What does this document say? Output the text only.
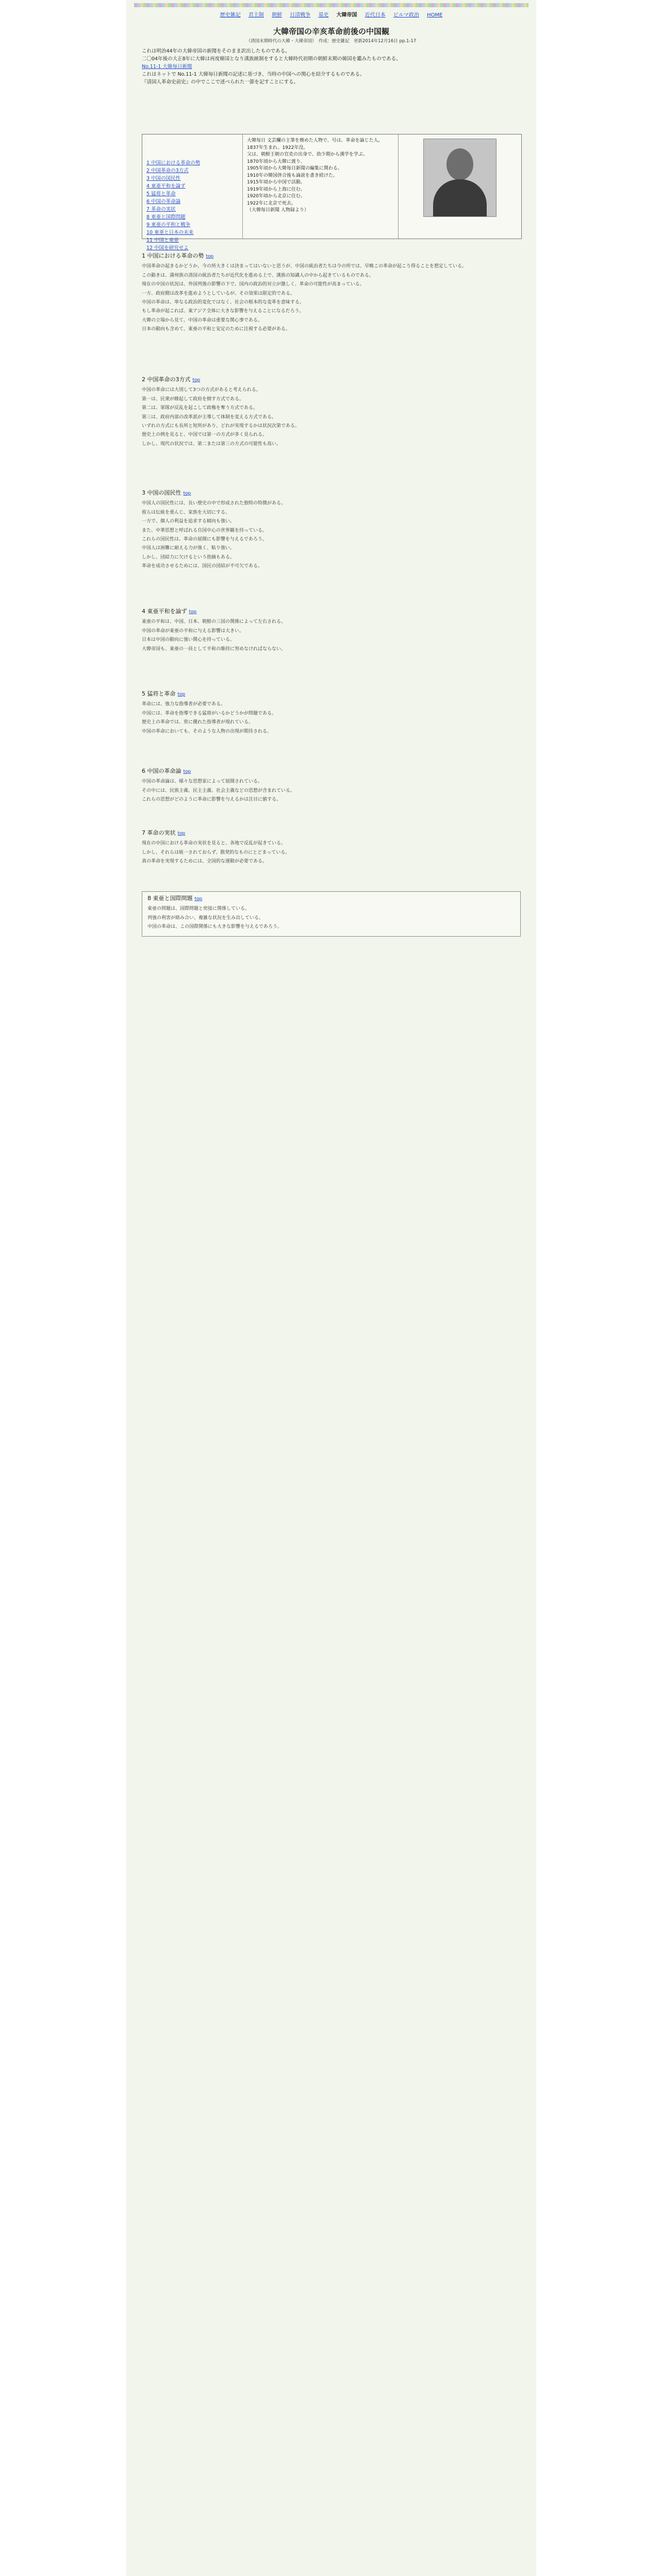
歴史雑記 君主制 朝鮮 日清戦争 基史 大韓帝国 近代日本 ビルマ政治 HOME
大韓帝国の辛亥革命前後の中国観
（清国末期時代の大韓・大韓帝国）　作成：歴史雑記　更新2014年12月16日 pp.1-17

これは明治44年の大韓帝国の新聞をそのまま訳出したものである。

二〇04年後の大正8年に大韓は再度韓国となり漢族統制をすると大韓時代初期の朝鮮末期の韓国を鑑みたものである。

No.11-1 大韓毎日新聞

これはネットで No.11-1 大韓毎日新聞の記述に基づき、当時の中国への関心を紹介するものである。

『清国人革命史前史』の中でここで述べられた一節を記すことにする。

1 中国における革命の勢
2 中国革命の3方式
3 中国の国民性
4 東亜平和を論ず
5 猛将と革命
6 中国の革命論
7 革命の実状
8 東亜と国際問題
9 東亜の平和と戦争
10 東亜と日本の未来
11 中国と東亜
12 中国を研究せよ

大韓毎日 文芸欄の主筆を務めた人物で、号は、革命を論じた人。
1837年生まれ。1922年没。
父は、朝鮮王朝の官吏の出身で、幼少期から漢学を学ぶ。
1870年頃から大韓に渡り、
1905年頃から大韓毎日新聞の編集に関わる。
1910年の韓国併合後も論説を書き続けた。
1915年頃から中国で活動。
1919年頃から上海に住む。
1920年頃から北京に住む。
1922年に北京で死去。
（大韓毎日新聞 人物録より）

1 中国における革命の勢 top

中国革命の起きるかどうか、今の所大きくは決まってはいないと思うが、中国の統治者たちは今の所では、早晩この革命が起こり得ることを想定している。

この動きは、満州族の清国の統治者たちが近代化を進める上で、漢族の知識人の中から起きているものである。

現在の中国の状況は、外国列強の影響の下で、国内の政治的対立が激しく、革命の可能性が高まっている。

一方、政府側は改革を進めようとしているが、その効果は限定的である。

中国の革命は、単なる政治的変化ではなく、社会の根本的な変革を意味する。

もし革命が起これば、東アジア全体に大きな影響を与えることになるだろう。

大韓の立場から見て、中国の革命は重要な関心事である。

日本の動向も含めて、東亜の平和と安定のために注視する必要がある。

2 中国革命の3方式 top

中国の革命には大別して3つの方式があると考えられる。

第一は、民衆が蜂起して政府を倒す方式である。

第二は、軍隊が反乱を起こして政権を奪う方式である。

第三は、政府内部の改革派が主導して体制を変える方式である。

いずれの方式にも長所と短所があり、どれが実現するかは状況次第である。

歴史上の例を見ると、中国では第一の方式が多く見られる。

しかし、現代の状況では、第二または第三の方式の可能性も高い。

3 中国の国民性 top

中国人の国民性には、長い歴史の中で形成された独特の特徴がある。

彼らは伝統を重んじ、家族を大切にする。

一方で、個人の利益を追求する傾向も強い。

また、中華思想と呼ばれる自国中心の世界観を持っている。

これらの国民性は、革命の展開にも影響を与えるであろう。

中国人は困難に耐える力が強く、粘り強い。

しかし、団結力に欠けるという指摘もある。

革命を成功させるためには、国民の団結が不可欠である。

4 東亜平和を論ず top

東亜の平和は、中国、日本、朝鮮の三国の関係によって左右される。

中国の革命が東亜の平和に与える影響は大きい。

日本は中国の動向に強い関心を持っている。

大韓帝国も、東亜の一員として平和の維持に努めなければならない。

5 猛将と革命 top

革命には、強力な指導者が必要である。

中国には、革命を指導できる猛将がいるかどうかが問題である。

歴史上の革命では、常に優れた指導者が現れている。

中国の革命においても、そのような人物の出現が期待される。

6 中国の革命論 top

中国の革命論は、様々な思想家によって展開されている。

その中には、民族主義、民主主義、社会主義などの思想が含まれている。

これらの思想がどのように革命に影響を与えるかは注目に値する。

7 革命の実状 top

現在の中国における革命の実状を見ると、各地で反乱が起きている。

しかし、それらは統一されておらず、散発的なものにとどまっている。

真の革命を実現するためには、全国的な運動が必要である。

8 東亜と国際問題 top

東亜の問題は、国際問題と密接に関係している。

列強の利害が絡み合い、複雑な状況を生み出している。

中国の革命は、この国際関係にも大きな影響を与えるであろう。
